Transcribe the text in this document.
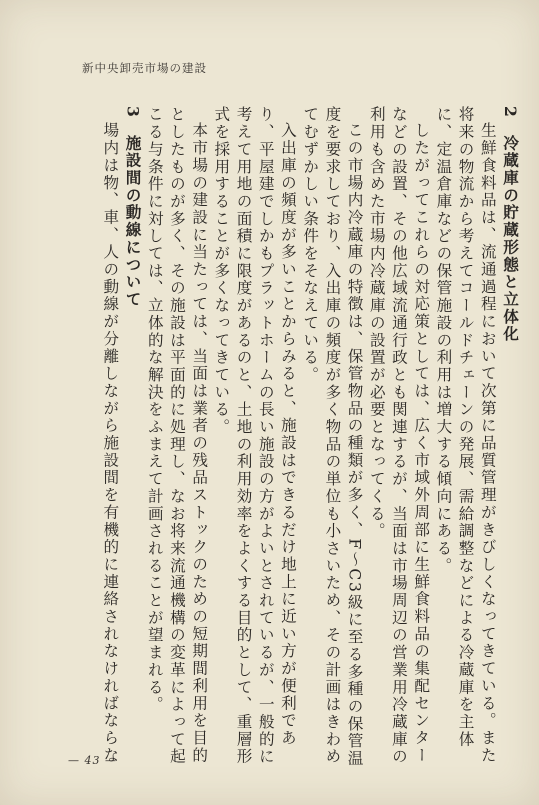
新中央卸売市場の建設
2冷蔵庫の貯蔵形態と立体化

生鮮食料品は、流通過程において次第に品質管理がきびしくなってきている。また将来の物流から考えてコールドチェーンの発展、需給調整などによる冷蔵庫を主体に、定温倉庫などの保管施設の利用は増大する傾向にある。

したがってこれらの対応策としては、広く市域外周部に生鮮食料品の集配センターなどの設置、その他広域流通行政とも関連するが、当面は市場周辺の営業用冷蔵庫の利用も含めた市場内冷蔵庫の設置が必要となってくる。

この市場内冷蔵庫の特徴は、保管物品の種類が多く、F〜C3級に至る多種の保管温度を要求しており、入出庫の頻度が多く物品の単位も小さいため、その計画はきわめてむずかしい条件をそなえている。

入出庫の頻度が多いことからみると、施設はできるだけ地上に近い方が便利であり、平屋建でしかもプラットホームの長い施設の方がよいとされているが、一般的に考えて用地の面積に限度があるのと、土地の利用効率をよくする目的として、重層形式を採用することが多くなってきている。

本市場の建設に当たっては、当面は業者の残品ストックのための短期間利用を目的としたものが多く、その施設は平面的に処理し、なお将来流通機構の変革によって起こる与条件に対しては、立体的な解決をふまえて計画されることが望まれる。

3施設間の動線について

場内は物、車、人の動線が分離しながら施設間を有機的に連絡されなければならな

— 43 —
